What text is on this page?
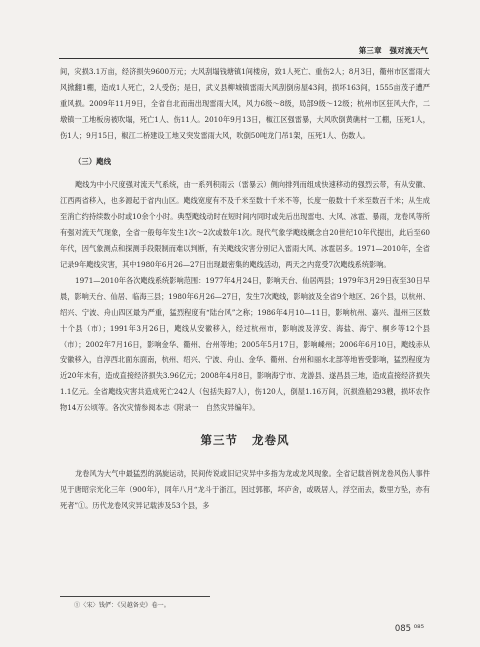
第三章　强对流天气

间，灾损3.1万亩，经济损失9600万元；大风刮塌钱塘镇1间楼房，致1人死亡、重伤2人；8月3日，衢州市区雷雨大风掀翻1棚，造成1人死亡，2人受伤；是日，武义县柳城镇雷雨大风刮倒房屋43间，损坏163间，1555亩茂子遭严重风损。2009年11月9日，全省自北而南出现雷雨大风，风力6级～8级，局部9级～12级；杭州市区狂风大作，二墩镇一工地板房被吹塌，死亡1人、伤11人。2010年9月13日，椒江区强雷暴，大风吹倒黄礁村一工棚，压死1人，伤1人；9月15日，椒江二桥建设工地又突发雷雨大风，吹倒50吨龙门吊1架，压死1人、伤数人。

（三）飑线

飑线为中小尺度强对流天气系统，由一系列积雨云（雷暴云）侧向排列而组成快速移动的强烈云带，有从安徽、江西两省移入，也多源起于省内山区。飑线宽度有不及千米至数十千米不等，长度一般数十千米至数百千米；从生成至消亡约持续数小时或10余个小时。典型飑线动时在短时间内同时或先后出现雷电、大风、冰雹、暴雨，龙卷风等所有强对流天气现象，全省一般每年发生1次～2次或数年1次。现代气象学飑线概念自20世纪10年代提出，此后至60年代，因气象测点和探测手段限制而难以判断，有关飑线灾害分别记入雷雨大风、冰雹居多。1971—2010年，全省记录9年飑线灾害，其中1980年6月26—27日出现最密集的飑线活动，两天之内竟受7次飑线系统影响。

1971—2010年各次飑线系统影响范围：1977年4月24日，影响天台、仙居两县；1979年3月29日夜至30日早晨，影响天台、仙居、临海三县；1980年6月26—27日，发生7次飑线，影响波及全省9个地区、26个县，以杭州、绍兴、宁波、舟山四区最为严重，猛烈程度有“陆台风”之称；1986年4月10—11日，影响杭州、嘉兴、温州三区数十个县（市）；1991年3月26日，飑线从安徽移入，经过杭州市，影响波及淳安、海盐、海宁、桐乡等12个县（市）；2002年7月16日，影响金华、衢州、台州等地；2005年5月17日，影响嵊州；2006年6月10日，飑线赤从安徽移入，自淳西北面东面南，杭州、绍兴、宁波、舟山、金华、衢州、台州和丽水北部等地皆受影响，猛烈程度为近20年未有，造成直接经济损失3.96亿元；2008年4月8日，影响海宁市、龙游县、遂昌县三地，造成直接经济损失1.1亿元。全省飑线灾害共造成死亡242人（包括失踪7人），伤120人，倒屋1.16万间，沉损渔船293艘，损坏农作物14万公顷等。各次灾情参阅本志《附录一　自然灾异编年》。

第三节 龙卷风

龙卷风为大气中最猛烈的涡旋运动，民间传说或旧记灾异中多指为龙或龙风现象。全省记载首例龙卷风伤人事件见于唐昭宗光化三年（900年），同年八月“龙斗于浙江，因过郭都，坏庐舍，或吸居人，浮空而去，数里方坠，亦有死者”①。历代龙卷风灾异记载涉及53个县，多

①〈宋〉钱俨：《吴越备史》卷一。
085 ⁰⁸⁵
